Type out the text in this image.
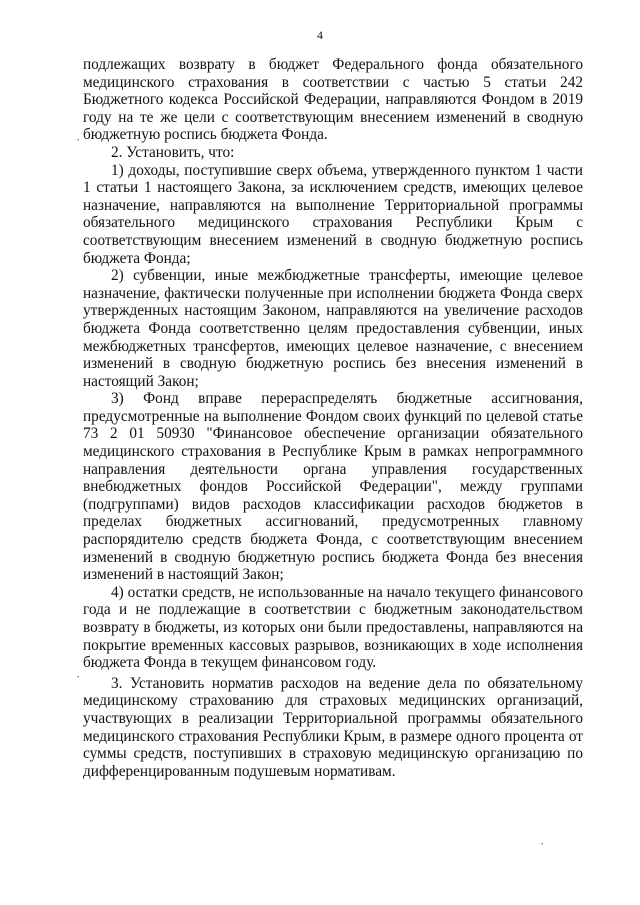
4

подлежащих возврату в бюджет Федерального фонда обязательного медицинского страхования в соответствии с частью 5 статьи 242 Бюджетного кодекса Российской Федерации, направляются Фондом в 2019 году на те же цели с соответствующим внесением изменений в сводную бюджетную роспись бюджета Фонда.

2. Установить, что:

1) доходы, поступившие сверх объема, утвержденного пунктом 1 части 1 статьи 1 настоящего Закона, за исключением средств, имеющих целевое назначение, направляются на выполнение Территориальной программы обязательного медицинского страхования Республики Крым с соответствующим внесением изменений в сводную бюджетную роспись бюджета Фонда;

2) субвенции, иные межбюджетные трансферты, имеющие целевое назначение, фактически полученные при исполнении бюджета Фонда сверх утвержденных настоящим Законом, направляются на увеличение расходов бюджета Фонда соответственно целям предоставления субвенции, иных межбюджетных трансфертов, имеющих целевое назначение, с внесением изменений в сводную бюджетную роспись без внесения изменений в настоящий Закон;

3) Фонд вправе перераспределять бюджетные ассигнования, предусмотренные на выполнение Фондом своих функций по целевой статье 73 2 01 50930 "Финансовое обеспечение организации обязательного медицинского страхования в Республике Крым в рамках непрограммного направления деятельности органа управления государственных внебюджетных фондов Российской Федерации", между группами (подгруппами) видов расходов классификации расходов бюджетов в пределах бюджетных ассигнований, предусмотренных главному распорядителю средств бюджета Фонда, с соответствующим внесением изменений в сводную бюджетную роспись бюджета Фонда без внесения изменений в настоящий Закон;

4) остатки средств, не использованные на начало текущего финансового года и не подлежащие в соответствии с бюджетным законодательством возврату в бюджеты, из которых они были предоставлены, направляются на покрытие временных кассовых разрывов, возникающих в ходе исполнения бюджета Фонда в текущем финансовом году.

3. Установить норматив расходов на ведение дела по обязательному медицинскому страхованию для страховых медицинских организаций, участвующих в реализации Территориальной программы обязательного медицинского страхования Республики Крым, в размере одного процента от суммы средств, поступивших в страховую медицинскую организацию по дифференцированным подушевым нормативам.

·
·
·
